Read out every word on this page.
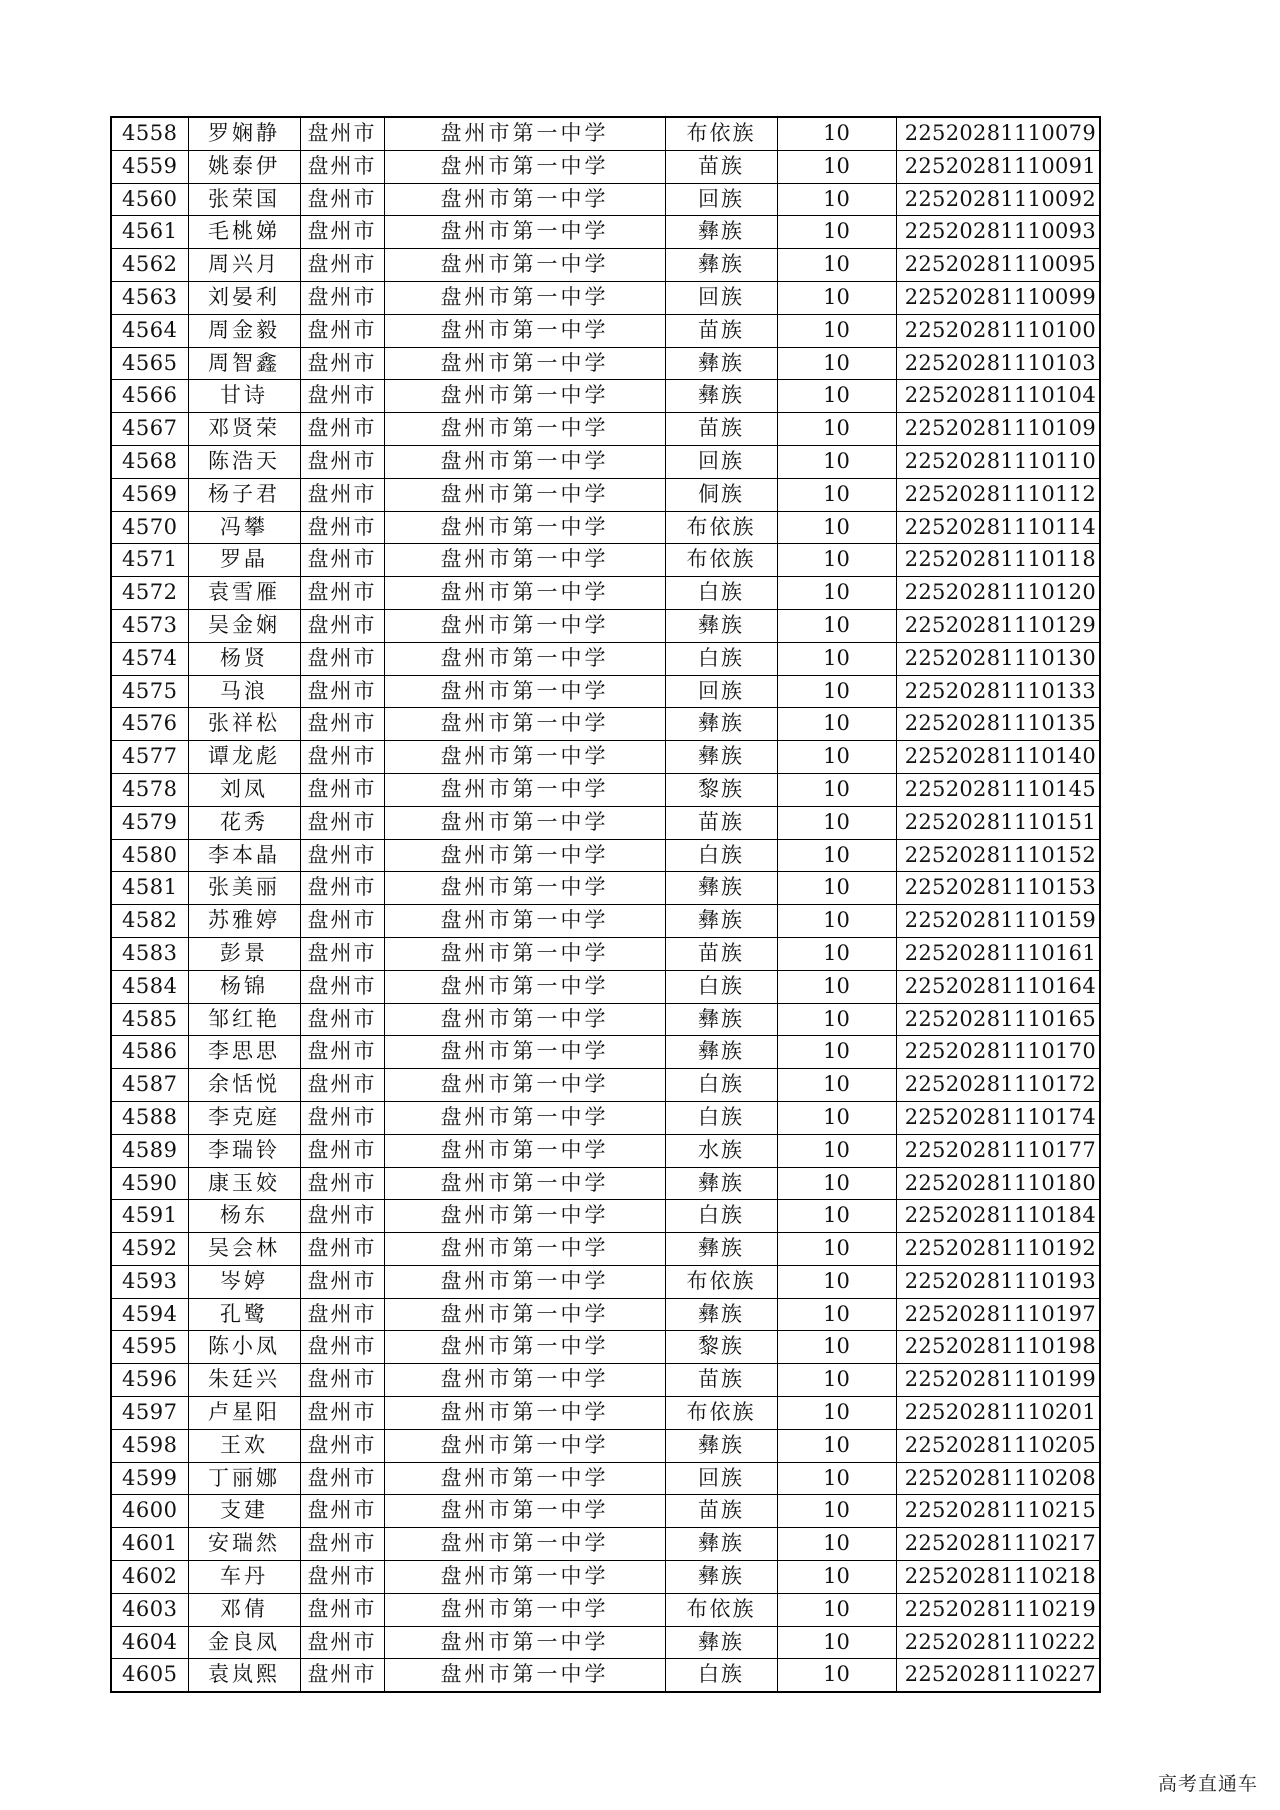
4558	罗娴静	盘州市	盘州市第一中学	布依族	10	22520281110079
4559	姚泰伊	盘州市	盘州市第一中学	苗族	10	22520281110091
4560	张荣国	盘州市	盘州市第一中学	回族	10	22520281110092
4561	毛桃娣	盘州市	盘州市第一中学	彝族	10	22520281110093
4562	周兴月	盘州市	盘州市第一中学	彝族	10	22520281110095
4563	刘晏利	盘州市	盘州市第一中学	回族	10	22520281110099
4564	周金毅	盘州市	盘州市第一中学	苗族	10	22520281110100
4565	周智鑫	盘州市	盘州市第一中学	彝族	10	22520281110103
4566	甘诗	盘州市	盘州市第一中学	彝族	10	22520281110104
4567	邓贤荣	盘州市	盘州市第一中学	苗族	10	22520281110109
4568	陈浩天	盘州市	盘州市第一中学	回族	10	22520281110110
4569	杨子君	盘州市	盘州市第一中学	侗族	10	22520281110112
4570	冯攀	盘州市	盘州市第一中学	布依族	10	22520281110114
4571	罗晶	盘州市	盘州市第一中学	布依族	10	22520281110118
4572	袁雪雁	盘州市	盘州市第一中学	白族	10	22520281110120
4573	吴金娴	盘州市	盘州市第一中学	彝族	10	22520281110129
4574	杨贤	盘州市	盘州市第一中学	白族	10	22520281110130
4575	马浪	盘州市	盘州市第一中学	回族	10	22520281110133
4576	张祥松	盘州市	盘州市第一中学	彝族	10	22520281110135
4577	谭龙彪	盘州市	盘州市第一中学	彝族	10	22520281110140
4578	刘凤	盘州市	盘州市第一中学	黎族	10	22520281110145
4579	花秀	盘州市	盘州市第一中学	苗族	10	22520281110151
4580	李本晶	盘州市	盘州市第一中学	白族	10	22520281110152
4581	张美丽	盘州市	盘州市第一中学	彝族	10	22520281110153
4582	苏雅婷	盘州市	盘州市第一中学	彝族	10	22520281110159
4583	彭景	盘州市	盘州市第一中学	苗族	10	22520281110161
4584	杨锦	盘州市	盘州市第一中学	白族	10	22520281110164
4585	邹红艳	盘州市	盘州市第一中学	彝族	10	22520281110165
4586	李思思	盘州市	盘州市第一中学	彝族	10	22520281110170
4587	余恬悦	盘州市	盘州市第一中学	白族	10	22520281110172
4588	李克庭	盘州市	盘州市第一中学	白族	10	22520281110174
4589	李瑞铃	盘州市	盘州市第一中学	水族	10	22520281110177
4590	康玉姣	盘州市	盘州市第一中学	彝族	10	22520281110180
4591	杨东	盘州市	盘州市第一中学	白族	10	22520281110184
4592	吴会林	盘州市	盘州市第一中学	彝族	10	22520281110192
4593	岑婷	盘州市	盘州市第一中学	布依族	10	22520281110193
4594	孔鹭	盘州市	盘州市第一中学	彝族	10	22520281110197
4595	陈小凤	盘州市	盘州市第一中学	黎族	10	22520281110198
4596	朱廷兴	盘州市	盘州市第一中学	苗族	10	22520281110199
4597	卢星阳	盘州市	盘州市第一中学	布依族	10	22520281110201
4598	王欢	盘州市	盘州市第一中学	彝族	10	22520281110205
4599	丁丽娜	盘州市	盘州市第一中学	回族	10	22520281110208
4600	支建	盘州市	盘州市第一中学	苗族	10	22520281110215
4601	安瑞然	盘州市	盘州市第一中学	彝族	10	22520281110217
4602	车丹	盘州市	盘州市第一中学	彝族	10	22520281110218
4603	邓倩	盘州市	盘州市第一中学	布依族	10	22520281110219
4604	金良凤	盘州市	盘州市第一中学	彝族	10	22520281110222
4605	袁岚熙	盘州市	盘州市第一中学	白族	10	22520281110227
高考直通车
